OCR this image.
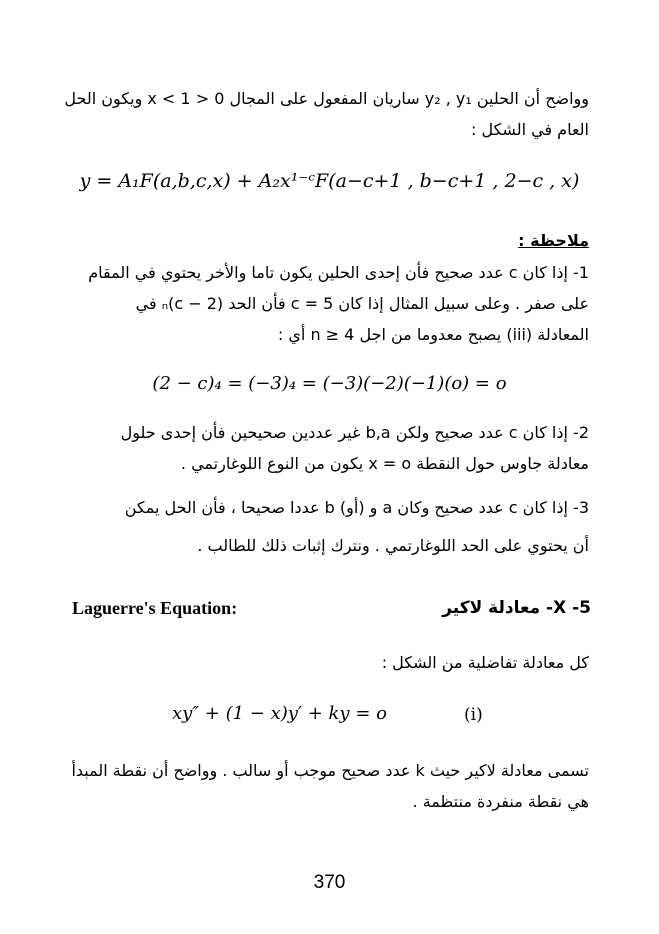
وواضح أن الحلين y₂ , y₁ ساريان المفعول على المجال 0 < x < 1 ويكون الحل
العام في الشكل :
y = A₁F(a,b,c,x) + A₂x¹⁻ᶜF(a−c+1 , b−c+1 , 2−c , x)
ملاحظة :
1- إذا كان c عدد صحيح فأن إحدى الحلين يكون تاما والأخر يحتوي في المقام
على صفر . وعلى سبيل المثال إذا كان c = 5 فأن الحد (2 − c)ₙ في
المعادلة (iii) يصبح معدوما من اجل n ≥ 4 أي :
(2 − c)₄ = (−3)₄ = (−3)(−2)(−1)(o) = o
2- إذا كان c عدد صحيح ولكن b,a غير عددين صحيحين فأن إحدى حلول
معادلة جاوس حول النقطة x = o يكون من النوع اللوغارتمي .
3- إذا كان c عدد صحيح وكان a و (أو) b عددا صحيحا ، فأن الحل يمكن
أن يحتوي على الحد اللوغارتمي . ونترك إثبات ذلك للطالب .
Laguerre's Equation:	X -5- معادلة لاكير
كل معادلة تفاضلية من الشكل :
xy″ + (1 − x)y′ + ky = o	(i)
تسمى معادلة لاكير حيث k عدد صحيح موجب أو سالب . وواضح أن نقطة المبدأ
هي نقطة منفردة منتظمة .
370
